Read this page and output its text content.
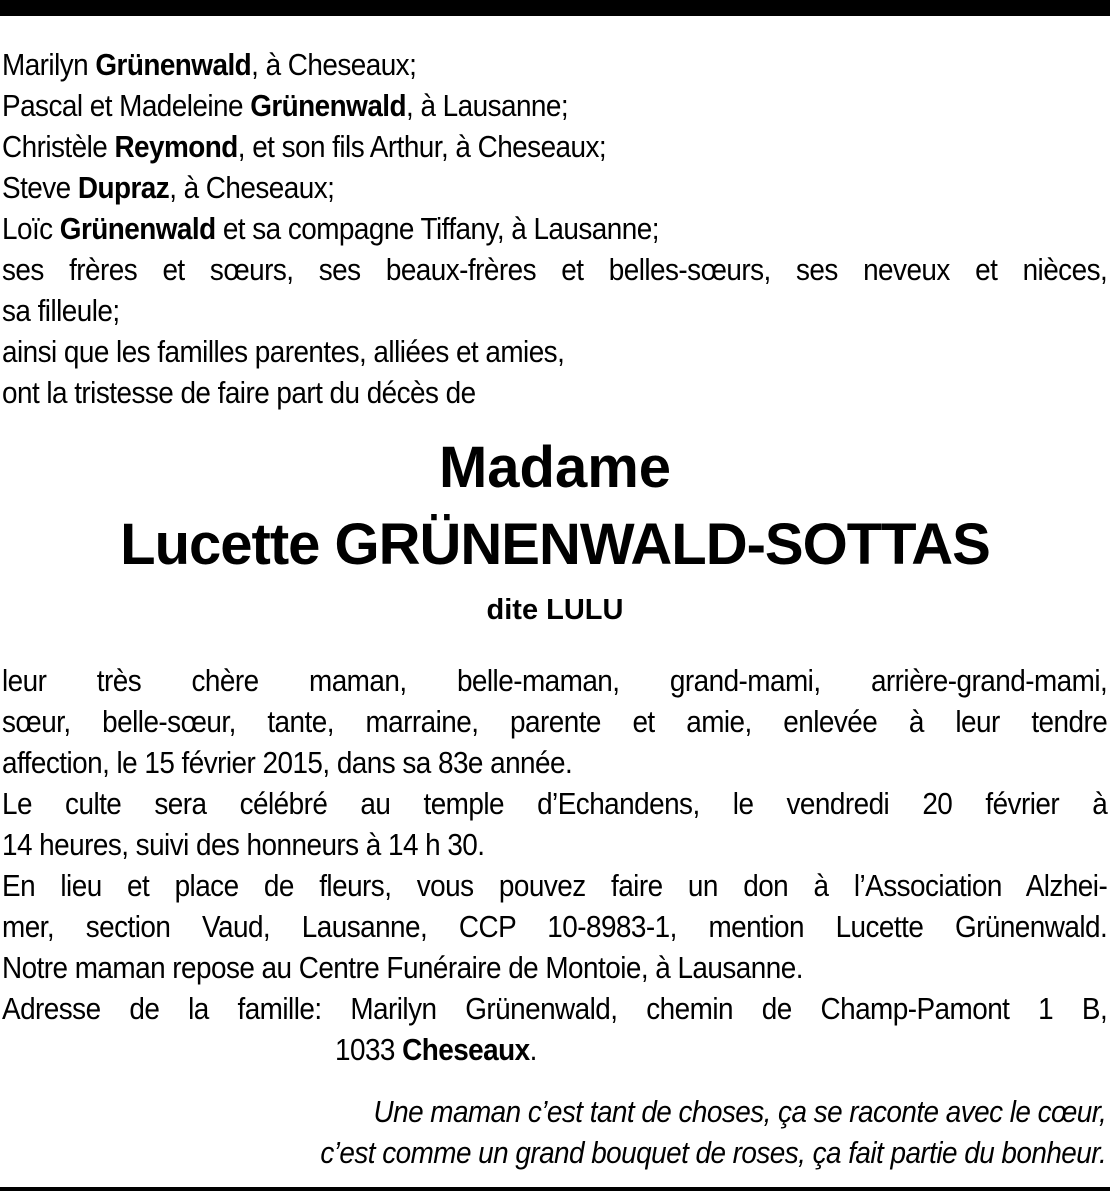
Marilyn Grünenwald, à Cheseaux;
Pascal et Madeleine Grünenwald, à Lausanne;
Christèle Reymond, et son fils Arthur, à Cheseaux;
Steve Dupraz, à Cheseaux;
Loïc Grünenwald et sa compagne Tiffany, à Lausanne;
ses frères et sœurs, ses beaux-frères et belles-sœurs, ses neveux et nièces,
sa filleule;
ainsi que les familles parentes, alliées et amies,
ont la tristesse de faire part du décès de
Madame
Lucette GRÜNENWALD-SOTTAS
dite LULU
leur très chère maman, belle-maman, grand-mami, arrière-grand-mami,
sœur, belle-sœur, tante, marraine, parente et amie, enlevée à leur tendre
affection, le 15 février 2015, dans sa 83e année.
Le culte sera célébré au temple d’Echandens, le vendredi 20 février à
14 heures, suivi des honneurs à 14 h 30.
En lieu et place de fleurs, vous pouvez faire un don à l’Association Alzhei-
mer, section Vaud, Lausanne, CCP 10-8983-1, mention Lucette Grünenwald.
Notre maman repose au Centre Funéraire de Montoie, à Lausanne.
Adresse de la famille: Marilyn Grünenwald, chemin de Champ-Pamont 1 B,
1033 Cheseaux.
Une maman c’est tant de choses, ça se raconte avec le cœur,
c’est comme un grand bouquet de roses, ça fait partie du bonheur.
